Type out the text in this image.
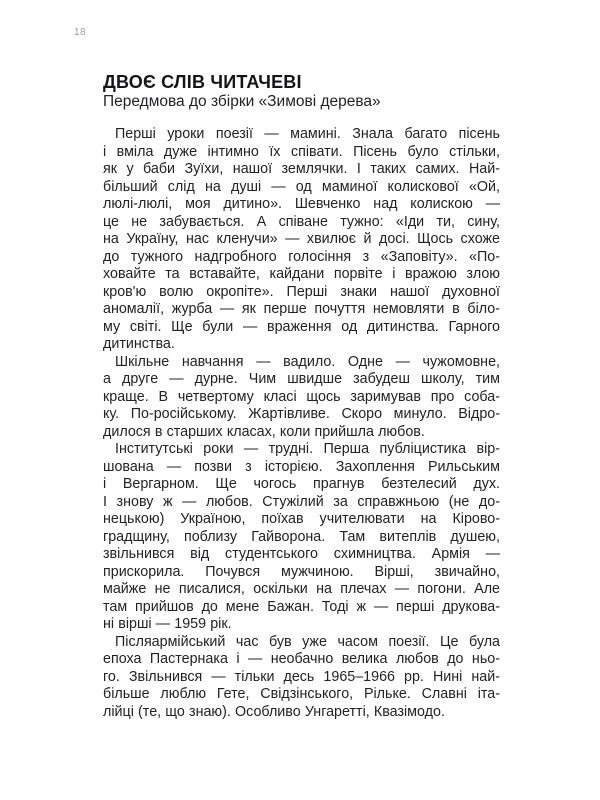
18
ДВОЄ СЛІВ ЧИТАЧЕВІ
Передмова до збірки «Зимові дерева»
Перші уроки поезії — мамині. Знала багато пісень
і вміла дуже інтимно їх співати. Пісень було стільки,
як у баби Зуїхи, нашої землячки. І таких самих. Най-
більший слід на душі — од маминої колискової «Ой,
люлі-люлі, моя дитино». Шевченко над колискою —
це не забувається. А співане тужно: «Іди ти, сину,
на Україну, нас кленучи» — хвилює й досі. Щось схоже
до тужного надгробного голосіння з «Заповіту». «По-
ховайте та вставайте, кайдани порвіте і вражою злою
кров'ю волю окропіте». Перші знаки нашої духовної
аномалії, журба — як перше почуття немовляти в біло-
му світі. Ще були — враження од дитинства. Гарного
дитинства.
Шкільне навчання — вадило. Одне — чужомовне,
а друге — дурне. Чим швидше забудеш школу, тим
краще. В четвертому класі щось заримував про соба-
ку. По-російському. Жартівливе. Скоро минуло. Відро-
дилося в старших класах, коли прийшла любов.
Інститутські роки — трудні. Перша публіцистика вір-
шована — позви з історією. Захоплення Рильським
і Вергарном. Ще чогось прагнув безтелесий дух.
І знову ж — любов. Стужілий за справжньою (не до-
нецькою) Україною, поїхав учителювати на Кірово-
градщину, поблизу Гайворона. Там витеплів душею,
звільнився від студентського схимництва. Армія —
прискорила. Почувся мужчиною. Вірші, звичайно,
майже не писалися, оскільки на плечах — погони. Але
там прийшов до мене Бажан. Тоді ж — перші друкова-
ні вірші — 1959 рік.
Післяармійський час був уже часом поезії. Це була
епоха Пастернака і — необачно велика любов до ньо-
го. Звільнився — тільки десь 1965–1966 рр. Нині най-
більше люблю Гете, Свідзінського, Рільке. Славні іта-
лійці (те, що знаю). Особливо Унгаретті, Квазімодо.
